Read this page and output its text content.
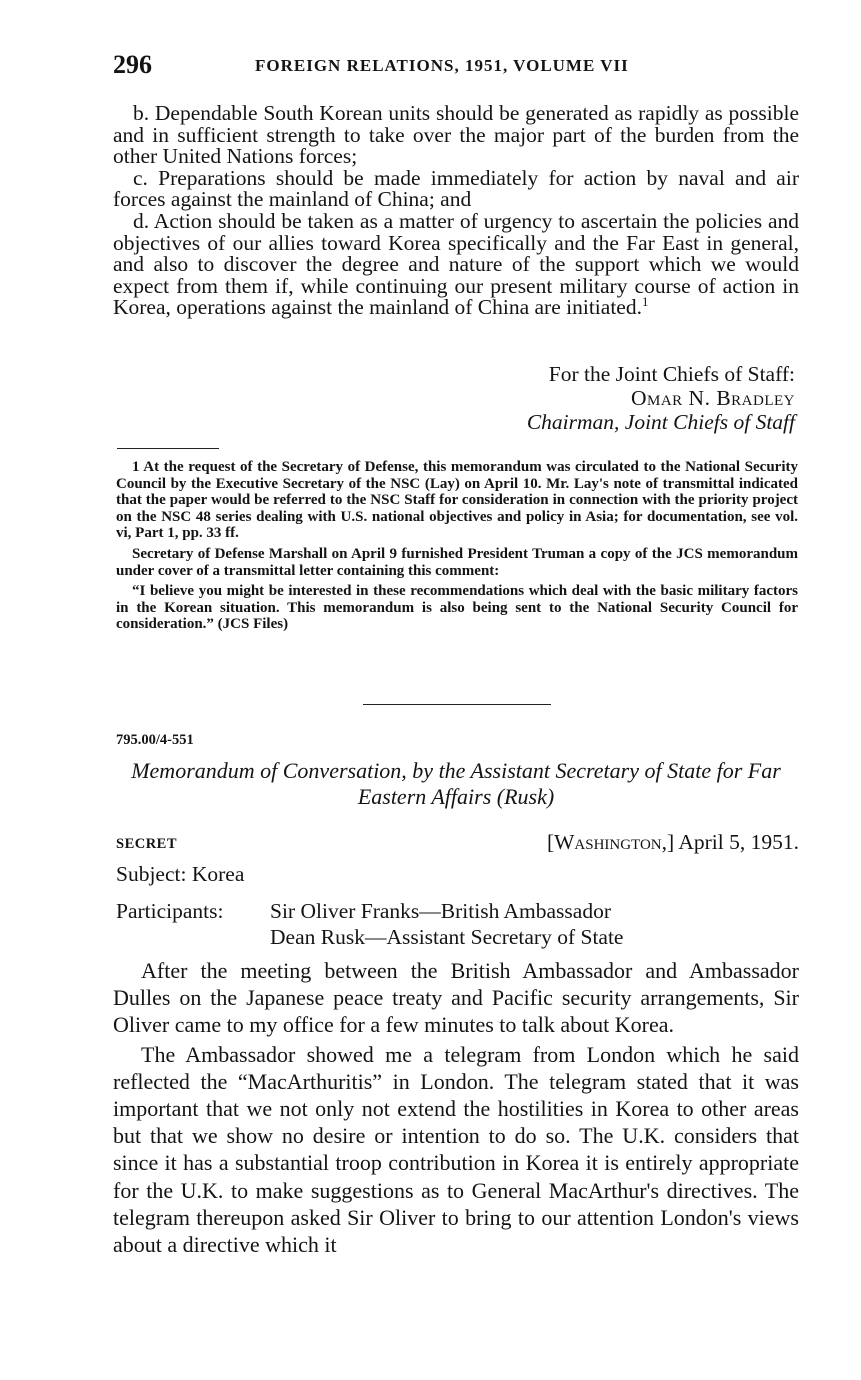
296	FOREIGN RELATIONS, 1951, VOLUME VII

b. Dependable South Korean units should be generated as rapidly as possible and in sufficient strength to take over the major part of the burden from the other United Nations forces;

c. Preparations should be made immediately for action by naval and air forces against the mainland of China; and

d. Action should be taken as a matter of urgency to ascertain the policies and objectives of our allies toward Korea specifically and the Far East in general, and also to discover the degree and nature of the support which we would expect from them if, while continuing our present military course of action in Korea, operations against the mainland of China are initiated.$^1$

For the Joint Chiefs of Staff:
Omar N. Bradley
Chairman, Joint Chiefs of Staff

1 At the request of the Secretary of Defense, this memorandum was circulated to the National Security Council by the Executive Secretary of the NSC (Lay) on April 10. Mr. Lay's note of transmittal indicated that the paper would be referred to the NSC Staff for consideration in connection with the priority project on the NSC 48 series dealing with U.S. national objectives and policy in Asia; for documentation, see vol. vi, Part 1, pp. 33 ff.

Secretary of Defense Marshall on April 9 furnished President Truman a copy of the JCS memorandum under cover of a transmittal letter containing this comment:

“I believe you might be interested in these recommendations which deal with the basic military factors in the Korean situation. This memorandum is also being sent to the National Security Council for consideration.” (JCS Files)

795.00/4-551
Memorandum of Conversation, by the Assistant Secretary of State for Far Eastern Affairs (Rusk)
SECRET	[Washington,] April 5, 1951.
Subject: Korea
Participants: Sir Oliver Franks—British Ambassador
Dean Rusk—Assistant Secretary of State

After the meeting between the British Ambassador and Ambassador Dulles on the Japanese peace treaty and Pacific security arrangements, Sir Oliver came to my office for a few minutes to talk about Korea.

The Ambassador showed me a telegram from London which he said reflected the “MacArthuritis” in London. The telegram stated that it was important that we not only not extend the hostilities in Korea to other areas but that we show no desire or intention to do so. The U.K. considers that since it has a substantial troop contribution in Korea it is entirely appropriate for the U.K. to make suggestions as to General MacArthur's directives. The telegram thereupon asked Sir Oliver to bring to our attention London's views about a directive which it
